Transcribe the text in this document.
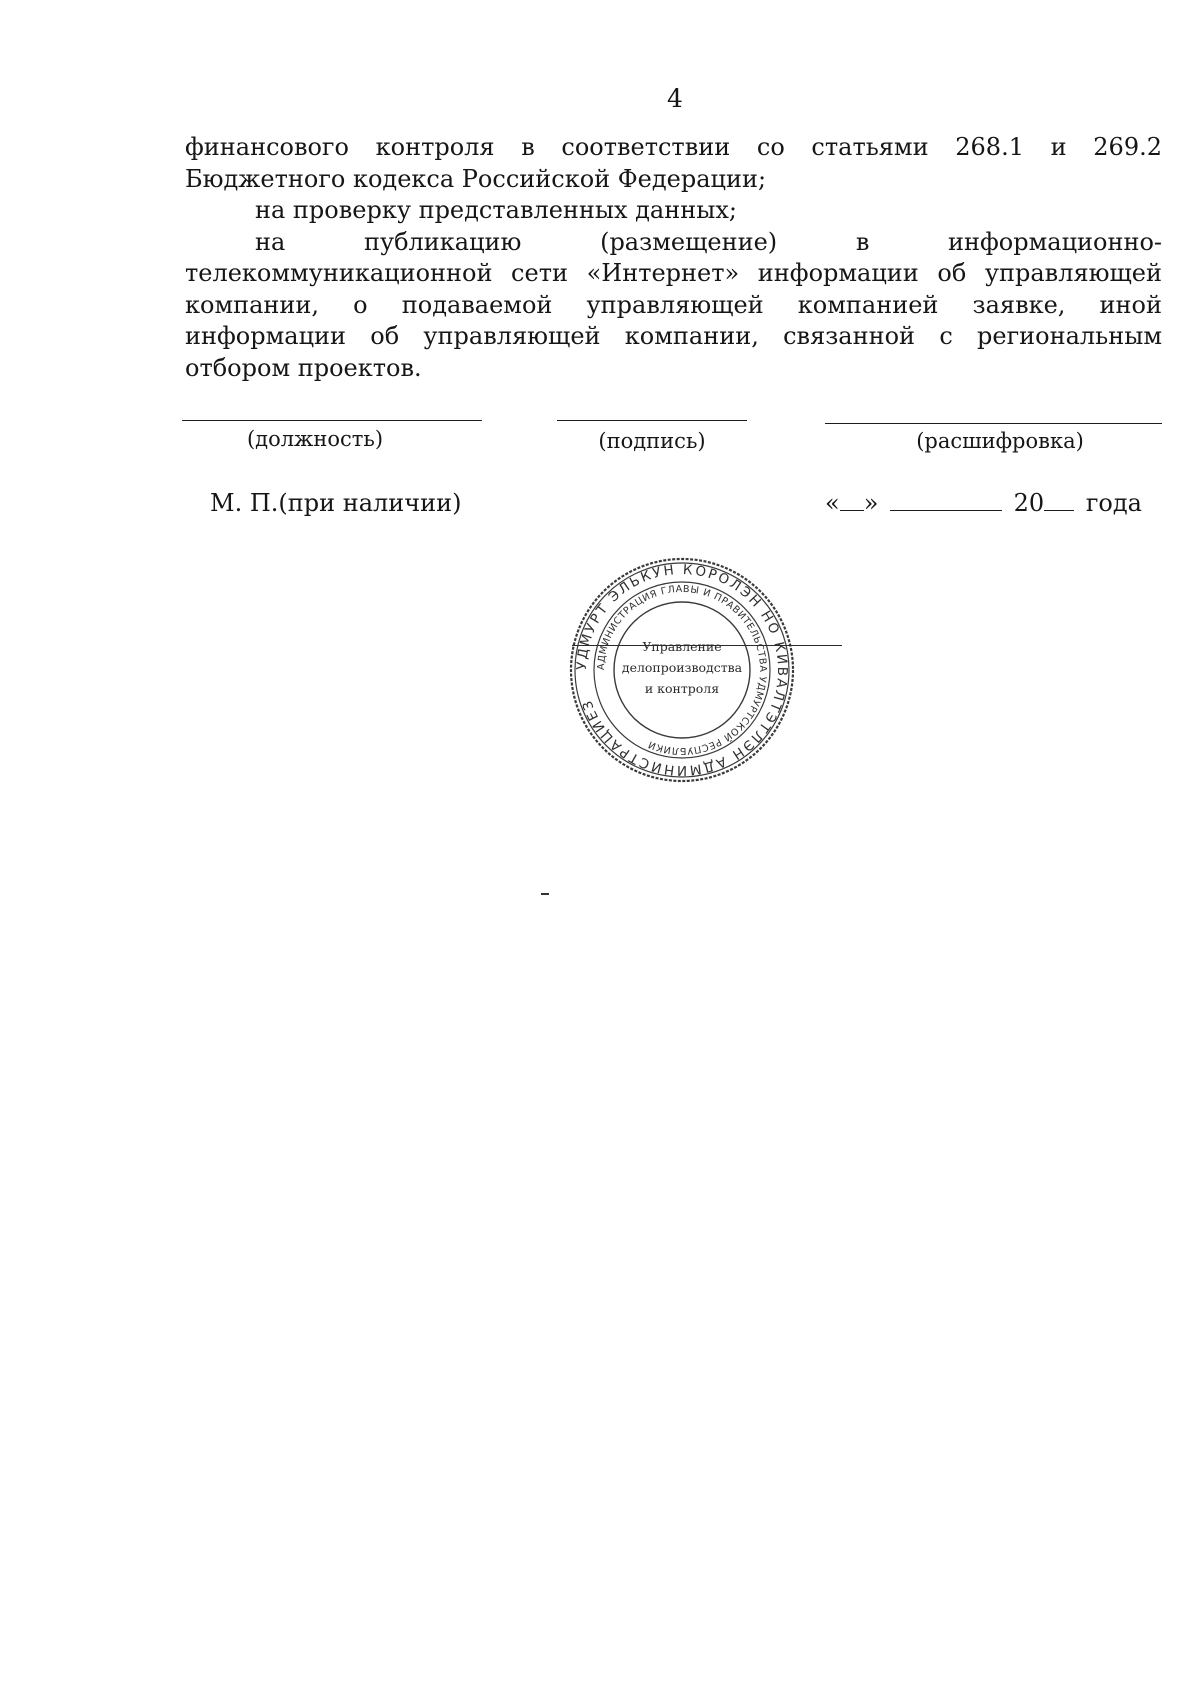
4

финансового контроля в соответствии со статьями 268.1 и 269.2 Бюджетного кодекса Российской Федерации;

на проверку представленных данных;

на публикацию (размещение) в информационно-телекоммуникационной сети «Интернет» информации об управляющей компании, о подаваемой управляющей компанией заявке, иной информации об управляющей компании, связанной с региональным отбором проектов.

(должность)	(подпись)	(расшифровка)
М. П.(при наличии)	« »	20 года
УДМУРТ ЭЛЬКУН КОРОЛЭН НО КИВАЛТЭТЛЭН АДМИНИСТРАЦИЕЗ
АДМИНИСТРАЦИЯ ГЛАВЫ И ПРАВИТЕЛЬСТВА УДМУРТСКОЙ РЕСПУБЛИКИ
Управление
делопроизводства
и контроля
